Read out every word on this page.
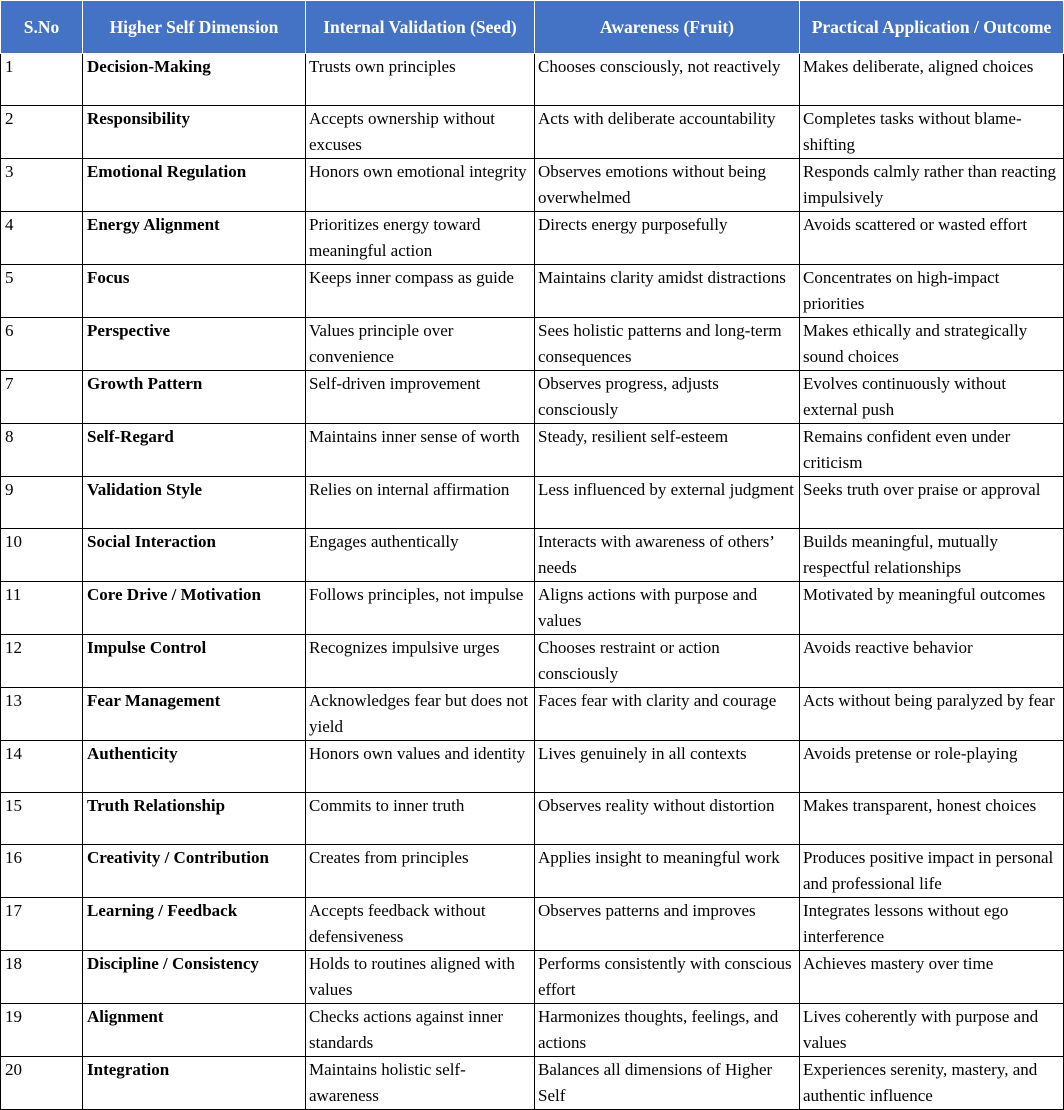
S.No	Higher Self Dimension	Internal Validation (Seed)	Awareness (Fruit)	Practical Application / Outcome
1	Decision-Making	Trusts own principles	Chooses consciously, not reactively	Makes deliberate, aligned choices
2	Responsibility	Accepts ownership without excuses	Acts with deliberate accountability	Completes tasks without blame-shifting
3	Emotional Regulation	Honors own emotional integrity	Observes emotions without being overwhelmed	Responds calmly rather than reacting impulsively
4	Energy Alignment	Prioritizes energy toward meaningful action	Directs energy purposefully	Avoids scattered or wasted effort
5	Focus	Keeps inner compass as guide	Maintains clarity amidst distractions	Concentrates on high-impact priorities
6	Perspective	Values principle over convenience	Sees holistic patterns and long-term consequences	Makes ethically and strategically sound choices
7	Growth Pattern	Self-driven improvement	Observes progress, adjusts consciously	Evolves continuously without external push
8	Self-Regard	Maintains inner sense of worth	Steady, resilient self-esteem	Remains confident even under criticism
9	Validation Style	Relies on internal affirmation	Less influenced by external judgment	Seeks truth over praise or approval
10	Social Interaction	Engages authentically	Interacts with awareness of others’ needs	Builds meaningful, mutually respectful relationships
11	Core Drive / Motivation	Follows principles, not impulse	Aligns actions with purpose and values	Motivated by meaningful outcomes
12	Impulse Control	Recognizes impulsive urges	Chooses restraint or action consciously	Avoids reactive behavior
13	Fear Management	Acknowledges fear but does not yield	Faces fear with clarity and courage	Acts without being paralyzed by fear
14	Authenticity	Honors own values and identity	Lives genuinely in all contexts	Avoids pretense or role-playing
15	Truth Relationship	Commits to inner truth	Observes reality without distortion	Makes transparent, honest choices
16	Creativity / Contribution	Creates from principles	Applies insight to meaningful work	Produces positive impact in personal and professional life
17	Learning / Feedback	Accepts feedback without defensiveness	Observes patterns and improves	Integrates lessons without ego interference
18	Discipline / Consistency	Holds to routines aligned with values	Performs consistently with conscious effort	Achieves mastery over time
19	Alignment	Checks actions against inner standards	Harmonizes thoughts, feelings, and actions	Lives coherently with purpose and values
20	Integration	Maintains holistic self-awareness	Balances all dimensions of Higher Self	Experiences serenity, mastery, and authentic influence
